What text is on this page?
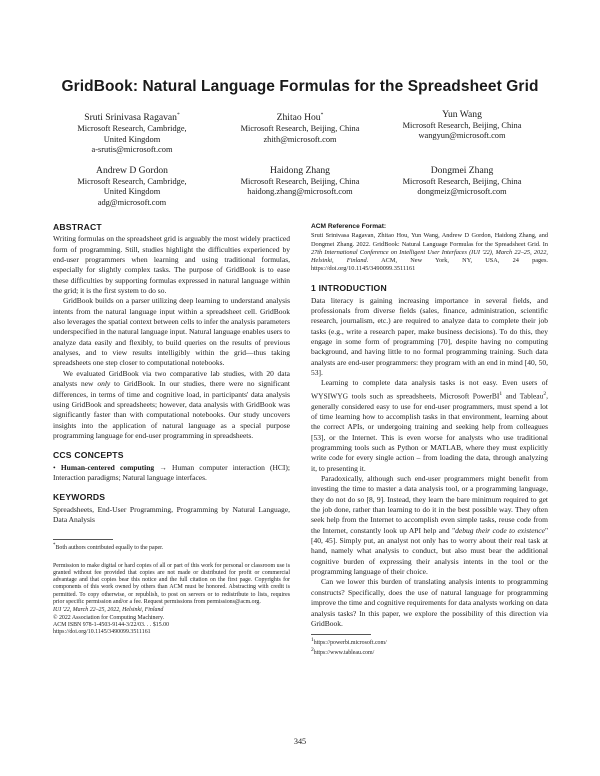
GridBook: Natural Language Formulas for the Spreadsheet Grid
Sruti Srinivasa Ragavan*
Microsoft Research, Cambridge,
United Kingdom
a-srutis@microsoft.com
Zhitao Hou*
Microsoft Research, Beijing, China
zhith@microsoft.com
Yun Wang
Microsoft Research, Beijing, China
wangyun@microsoft.com
Andrew D Gordon
Microsoft Research, Cambridge,
United Kingdom
adg@microsoft.com
Haidong Zhang
Microsoft Research, Beijing, China
haidong.zhang@microsoft.com
Dongmei Zhang
Microsoft Research, Beijing, China
dongmeiz@microsoft.com
ABSTRACT

Writing formulas on the spreadsheet grid is arguably the most widely practiced form of programming. Still, studies highlight the difficulties experienced by end-user programmers when learning and using traditional formulas, especially for slightly complex tasks. The purpose of GridBook is to ease these difficulties by supporting formulas expressed in natural language within the grid; it is the first system to do so.

GridBook builds on a parser utilizing deep learning to understand analysis intents from the natural language input within a spreadsheet cell. GridBook also leverages the spatial context between cells to infer the analysis parameters underspecified in the natural language input. Natural language enables users to analyze data easily and flexibly, to build queries on the results of previous analyses, and to view results intelligibly within the grid—thus taking spreadsheets one step closer to computational notebooks.

We evaluated GridBook via two comparative lab studies, with 20 data analysts new only to GridBook. In our studies, there were no significant differences, in terms of time and cognitive load, in participants' data analysis using GridBook and spreadsheets; however, data analysis with GridBook was significantly faster than with computational notebooks. Our study uncovers insights into the application of natural language as a special purpose programming language for end-user programming in spreadsheets.

CCS CONCEPTS

• Human-centered computing → Human computer interaction (HCI); Interaction paradigms; Natural language interfaces.

KEYWORDS

Spreadsheets, End-User Programming, Programming by Natural Language, Data Analysis

*Both authors contributed equally to the paper.

Permission to make digital or hard copies of all or part of this work for personal or classroom use is granted without fee provided that copies are not made or distributed for profit or commercial advantage and that copies bear this notice and the full citation on the first page. Copyrights for components of this work owned by others than ACM must be honored. Abstracting with credit is permitted. To copy otherwise, or republish, to post on servers or to redistribute to lists, requires prior specific permission and/or a fee. Request permissions from permissions@acm.org.

IUI '22, March 22–25, 2022, Helsinki, Finland

© 2022 Association for Computing Machinery.

ACM ISBN 978-1-4503-9144-3/22/03. . . $15.00

https://doi.org/10.1145/3490099.3511161

ACM Reference Format:

Sruti Srinivasa Ragavan, Zhitao Hou, Yun Wang, Andrew D Gordon, Haidong Zhang, and Dongmei Zhang. 2022. GridBook: Natural Language Formulas for the Spreadsheet Grid. In 27th International Conference on Intelligent User Interfaces (IUI '22), March 22–25, 2022, Helsinki, Finland. ACM, New York, NY, USA, 24 pages. https://doi.org/10.1145/3490099.3511161

1 INTRODUCTION

Data literacy is gaining increasing importance in several fields, and professionals from diverse fields (sales, finance, administration, scientific research, journalism, etc.) are required to analyze data to complete their job tasks (e.g., write a research paper, make business decisions). To do this, they engage in some form of programming [70], despite having no computing background, and having little to no formal programming training. Such data analysts are end-user programmers: they program with an end in mind [40, 50, 53].

Learning to complete data analysis tasks is not easy. Even users of WYSIWYG tools such as spreadsheets, Microsoft PowerBI$^1$ and Tableau$^2$, generally considered easy to use for end-user programmers, must spend a lot of time learning how to accomplish tasks in that environment, learning about the correct APIs, or undergoing training and seeking help from colleagues [53], or the Internet. This is even worse for analysts who use traditional programming tools such as Python or MATLAB, where they must explicitly write code for every single action – from loading the data, through analyzing it, to presenting it.

Paradoxically, although such end-user programmers might benefit from investing the time to master a data analysis tool, or a programming language, they do not do so [8, 9]. Instead, they learn the bare minimum required to get the job done, rather than learning to do it in the best possible way. They often seek help from the Internet to accomplish even simple tasks, reuse code from the Internet, constantly look up API help and "debug their code to existence" [40, 45]. Simply put, an analyst not only has to worry about their real task at hand, namely what analysis to conduct, but also must bear the additional cognitive burden of expressing their analysis intents in the tool or the programming language of their choice.

Can we lower this burden of translating analysis intents to programming constructs? Specifically, does the use of natural language for programming improve the time and cognitive requirements for data analysts working on data analysis tasks? In this paper, we explore the possibility of this direction via GridBook.

$^1$https://powerbi.microsoft.com/

$^2$https://www.tableau.com/

345
